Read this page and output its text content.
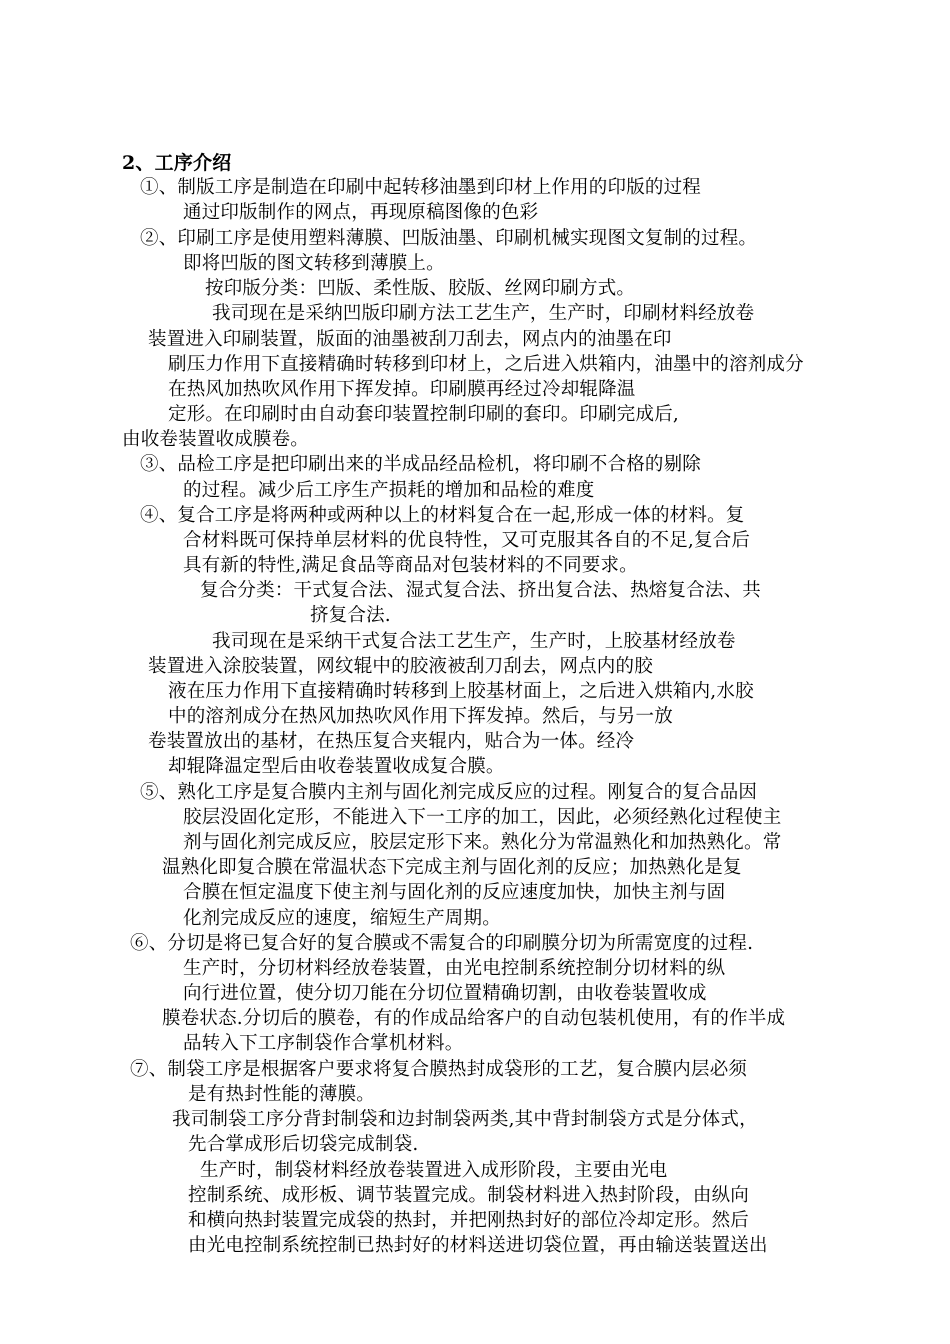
2、工序介绍
①、制版工序是制造在印刷中起转移油墨到印材上作用的印版的过程
通过印版制作的网点，再现原稿图像的色彩
②、印刷工序是使用塑料薄膜、凹版油墨、印刷机械实现图文复制的过程。
即将凹版的图文转移到薄膜上。
按印版分类：凹版、柔性版、胶版、丝网印刷方式。
我司现在是采纳凹版印刷方法工艺生产，生产时，印刷材料经放卷
装置进入印刷装置，版面的油墨被刮刀刮去，网点内的油墨在印
刷压力作用下直接精确时转移到印材上，之后进入烘箱内，油墨中的溶剂成分
在热风加热吹风作用下挥发掉。印刷膜再经过冷却辊降温
定形。在印刷时由自动套印装置控制印刷的套印。印刷完成后,
由收卷装置收成膜卷。
③、品检工序是把印刷出来的半成品经品检机，将印刷不合格的剔除
的过程。减少后工序生产损耗的增加和品检的难度
④、复合工序是将两种或两种以上的材料复合在一起,形成一体的材料。复
合材料既可保持单层材料的优良特性，又可克服其各自的不足,复合后
具有新的特性,满足食品等商品对包装材料的不同要求。
复合分类：干式复合法、湿式复合法、挤出复合法、热熔复合法、共
挤复合法.
我司现在是采纳干式复合法工艺生产，生产时，上胶基材经放卷
装置进入涂胶装置，网纹辊中的胶液被刮刀刮去，网点内的胶
液在压力作用下直接精确时转移到上胶基材面上，之后进入烘箱内,水胶
中的溶剂成分在热风加热吹风作用下挥发掉。然后，与另一放
卷装置放出的基材，在热压复合夹辊内，贴合为一体。经冷
却辊降温定型后由收卷装置收成复合膜。
⑤、熟化工序是复合膜内主剂与固化剂完成反应的过程。刚复合的复合品因
胶层没固化定形，不能进入下一工序的加工，因此，必须经熟化过程使主
剂与固化剂完成反应，胶层定形下来。熟化分为常温熟化和加热熟化。常
温熟化即复合膜在常温状态下完成主剂与固化剂的反应；加热熟化是复
合膜在恒定温度下使主剂与固化剂的反应速度加快，加快主剂与固
化剂完成反应的速度，缩短生产周期。
⑥、分切是将已复合好的复合膜或不需复合的印刷膜分切为所需宽度的过程.
生产时，分切材料经放卷装置，由光电控制系统控制分切材料的纵
向行进位置，使分切刀能在分切位置精确切割，由收卷装置收成
膜卷状态.分切后的膜卷，有的作成品给客户的自动包装机使用，有的作半成
品转入下工序制袋作合掌机材料。
⑦、制袋工序是根据客户要求将复合膜热封成袋形的工艺，复合膜内层必须
是有热封性能的薄膜。
我司制袋工序分背封制袋和边封制袋两类,其中背封制袋方式是分体式，
先合掌成形后切袋完成制袋.
生产时，制袋材料经放卷装置进入成形阶段，主要由光电
控制系统、成形板、调节装置完成。制袋材料进入热封阶段，由纵向
和横向热封装置完成袋的热封，并把刚热封好的部位冷却定形。然后
由光电控制系统控制已热封好的材料送进切袋位置，再由输送装置送出
